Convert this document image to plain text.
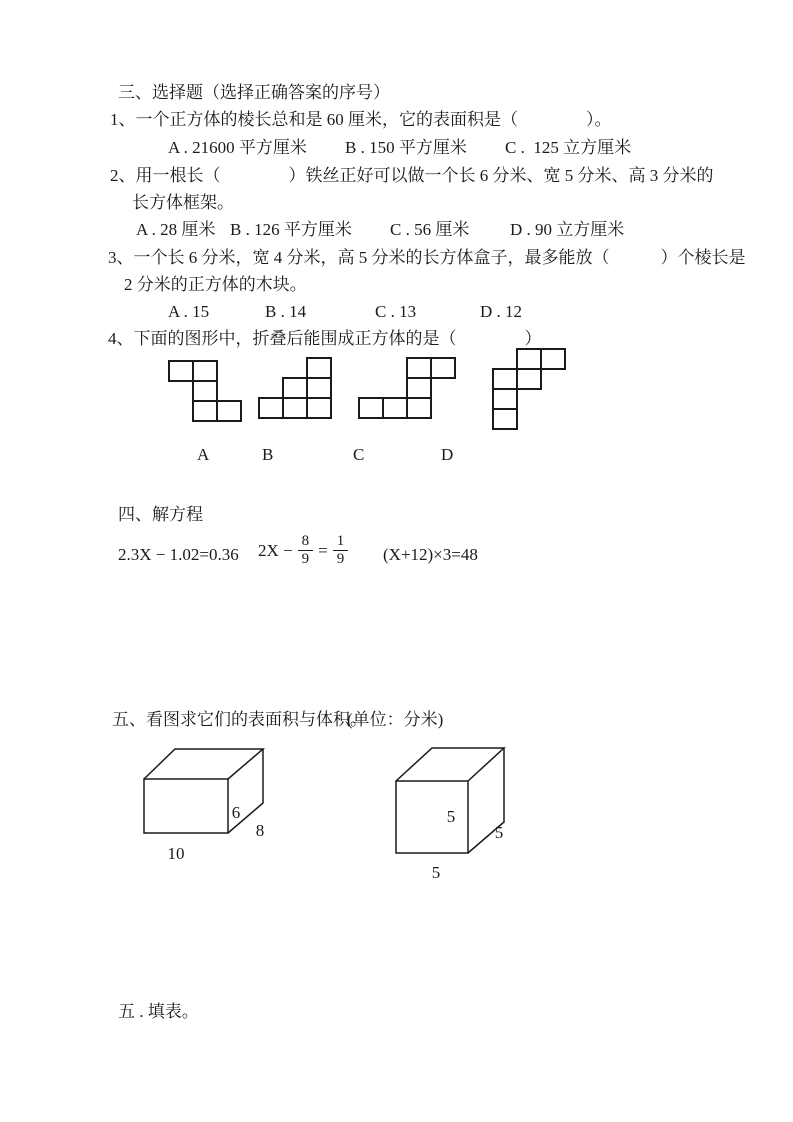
三、选择题（选择正确答案的序号）
1、一个正方体的棱长总和是 60 厘米，它的表面积是（　　　　）。
A . 21600 平方厘米 B . 150 平方厘米 C .  125 立方厘米
2、用一根长（　　　　）铁丝正好可以做一个长 6 分米、宽 5 分米、高 3 分米的
长方体框架。
A . 28 厘米 B . 126 平方厘米 C . 56 厘米 D . 90 立方厘米
3、一个长 6 分米，宽 4 分米，高 5 分米的长方体盒子，最多能放（　　　）个棱长是
2 分米的正方体的木块。
A . 15	B . 14	C . 13	D . 12
4、下面的图形中，折叠后能围成正方体的是（　　　　）
A	B	C	D
四、解方程
2.3X − 1.02=0.36 $2X - \frac{8}{9} = \frac{1}{9} (X+12)\times 3=48$
五、看图求它们的表面积与体积。
(单位：分米)
6
8
10
5
5
5
五 . 填表。
